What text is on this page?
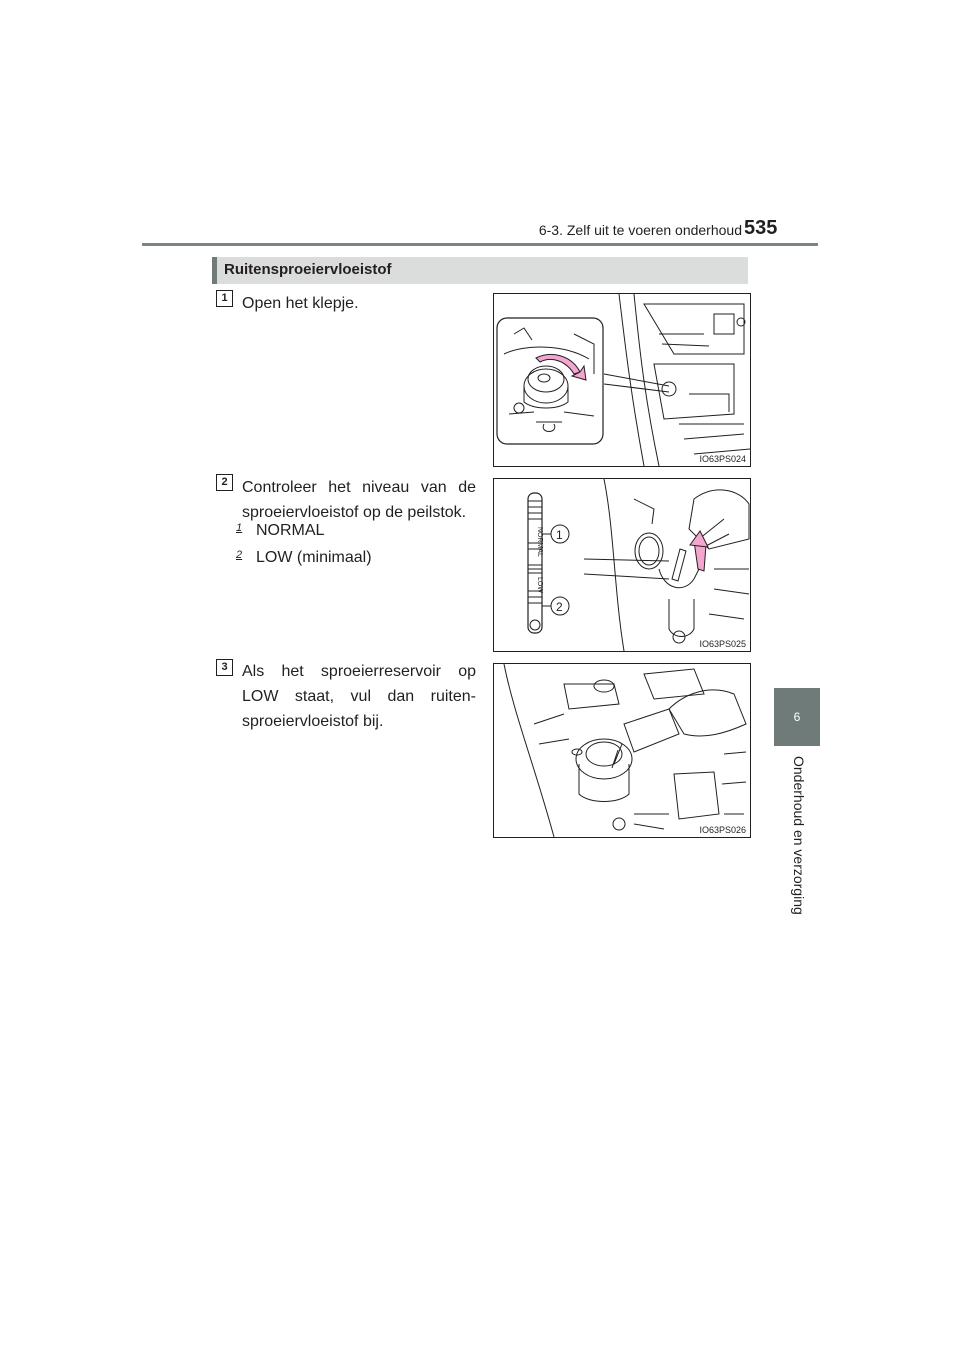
6-3. Zelf uit te voeren onderhoud 535
6
Onderhoud en verzorging
Ruitensproeiervloeistof
1 Open het klepje.
IO63PS024
2 Controleer het niveau van de sproeiervloeistof op de peilstok.
1 NORMAL
2 LOW (minimaal)
NORMAL
LOW
1
2
IO63PS025
3 Als het sproeierreservoir op LOW staat, vul dan ruiten-sproeiervloeistof bij.
IO63PS026
